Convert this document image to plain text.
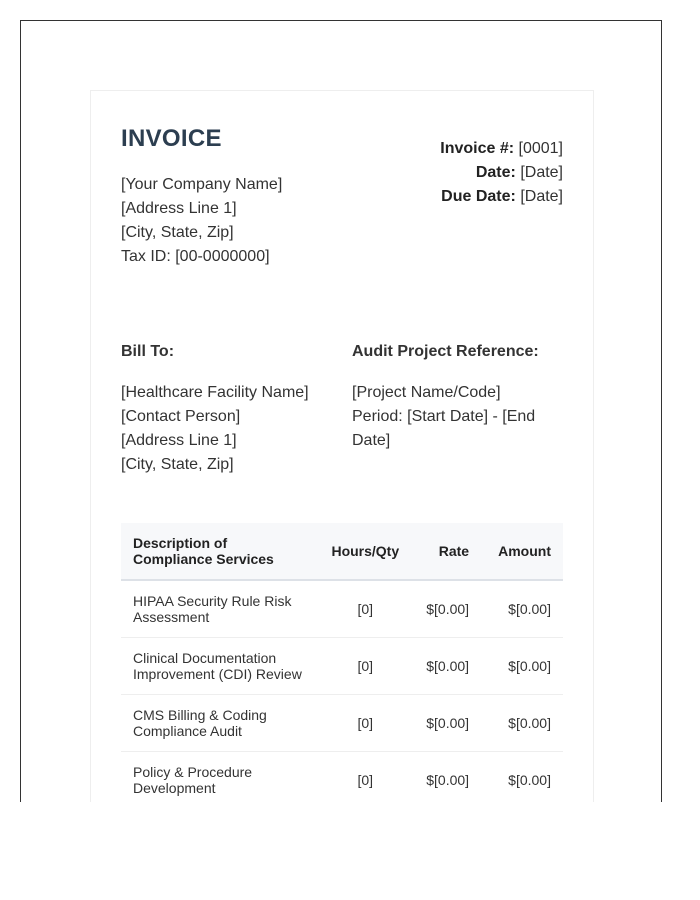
INVOICE
[Your Company Name]
[Address Line 1]
[City, State, Zip]
Tax ID: [00-0000000]
Invoice #: [0001]
Date: [Date]
Due Date: [Date]
Bill To:	Audit Project Reference:
[Healthcare Facility Name]
[Contact Person]
[Address Line 1]
[City, State, Zip]
[Project Name/Code]
Period: [Start Date] - [End Date]
Description of Compliance Services	Hours/Qty	Rate	Amount
HIPAA Security Rule Risk Assessment	[0]	$[0.00]	$[0.00]
Clinical Documentation Improvement (CDI) Review	[0]	$[0.00]	$[0.00]
CMS Billing & Coding Compliance Audit	[0]	$[0.00]	$[0.00]
Policy & Procedure Development	[0]	$[0.00]	$[0.00]
